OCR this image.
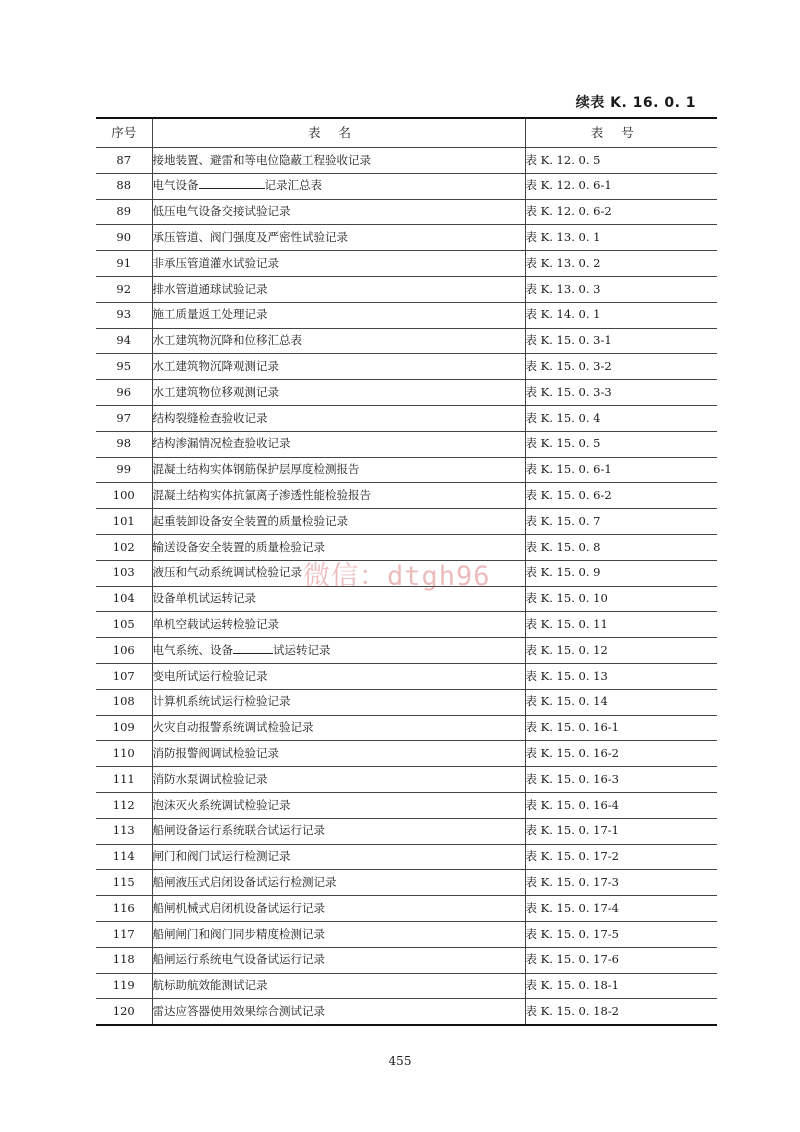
续表 K. 16. 0. 1
序号	表名	表号
87	接地装置、避雷和等电位隐蔽工程验收记录	表 K. 12. 0. 5
88	电气设备 记录汇总表	表 K. 12. 0. 6-1
89	低压电气设备交接试验记录	表 K. 12. 0. 6-2
90	承压管道、阀门强度及严密性试验记录	表 K. 13. 0. 1
91	非承压管道灌水试验记录	表 K. 13. 0. 2
92	排水管道通球试验记录	表 K. 13. 0. 3
93	施工质量返工处理记录	表 K. 14. 0. 1
94	水工建筑物沉降和位移汇总表	表 K. 15. 0. 3-1
95	水工建筑物沉降观测记录	表 K. 15. 0. 3-2
96	水工建筑物位移观测记录	表 K. 15. 0. 3-3
97	结构裂缝检查验收记录	表 K. 15. 0. 4
98	结构渗漏情况检查验收记录	表 K. 15. 0. 5
99	混凝土结构实体钢筋保护层厚度检测报告	表 K. 15. 0. 6-1
100	混凝土结构实体抗氯离子渗透性能检验报告	表 K. 15. 0. 6-2
101	起重装卸设备安全装置的质量检验记录	表 K. 15. 0. 7
102	输送设备安全装置的质量检验记录	表 K. 15. 0. 8
103	液压和气动系统调试检验记录	表 K. 15. 0. 9
104	设备单机试运转记录	表 K. 15. 0. 10
105	单机空载试运转检验记录	表 K. 15. 0. 11
106	电气系统、设备 试运转记录	表 K. 15. 0. 12
107	变电所试运行检验记录	表 K. 15. 0. 13
108	计算机系统试运行检验记录	表 K. 15. 0. 14
109	火灾自动报警系统调试检验记录	表 K. 15. 0. 16-1
110	消防报警阀调试检验记录	表 K. 15. 0. 16-2
111	消防水泵调试检验记录	表 K. 15. 0. 16-3
112	泡沫灭火系统调试检验记录	表 K. 15. 0. 16-4
113	船闸设备运行系统联合试运行记录	表 K. 15. 0. 17-1
114	闸门和阀门试运行检测记录	表 K. 15. 0. 17-2
115	船闸液压式启闭设备试运行检测记录	表 K. 15. 0. 17-3
116	船闸机械式启闭机设备试运行记录	表 K. 15. 0. 17-4
117	船闸闸门和阀门同步精度检测记录	表 K. 15. 0. 17-5
118	船闸运行系统电气设备试运行记录	表 K. 15. 0. 17-6
119	航标助航效能测试记录	表 K. 15. 0. 18-1
120	雷达应答器使用效果综合测试记录	表 K. 15. 0. 18-2
微信：dtgh96
455
